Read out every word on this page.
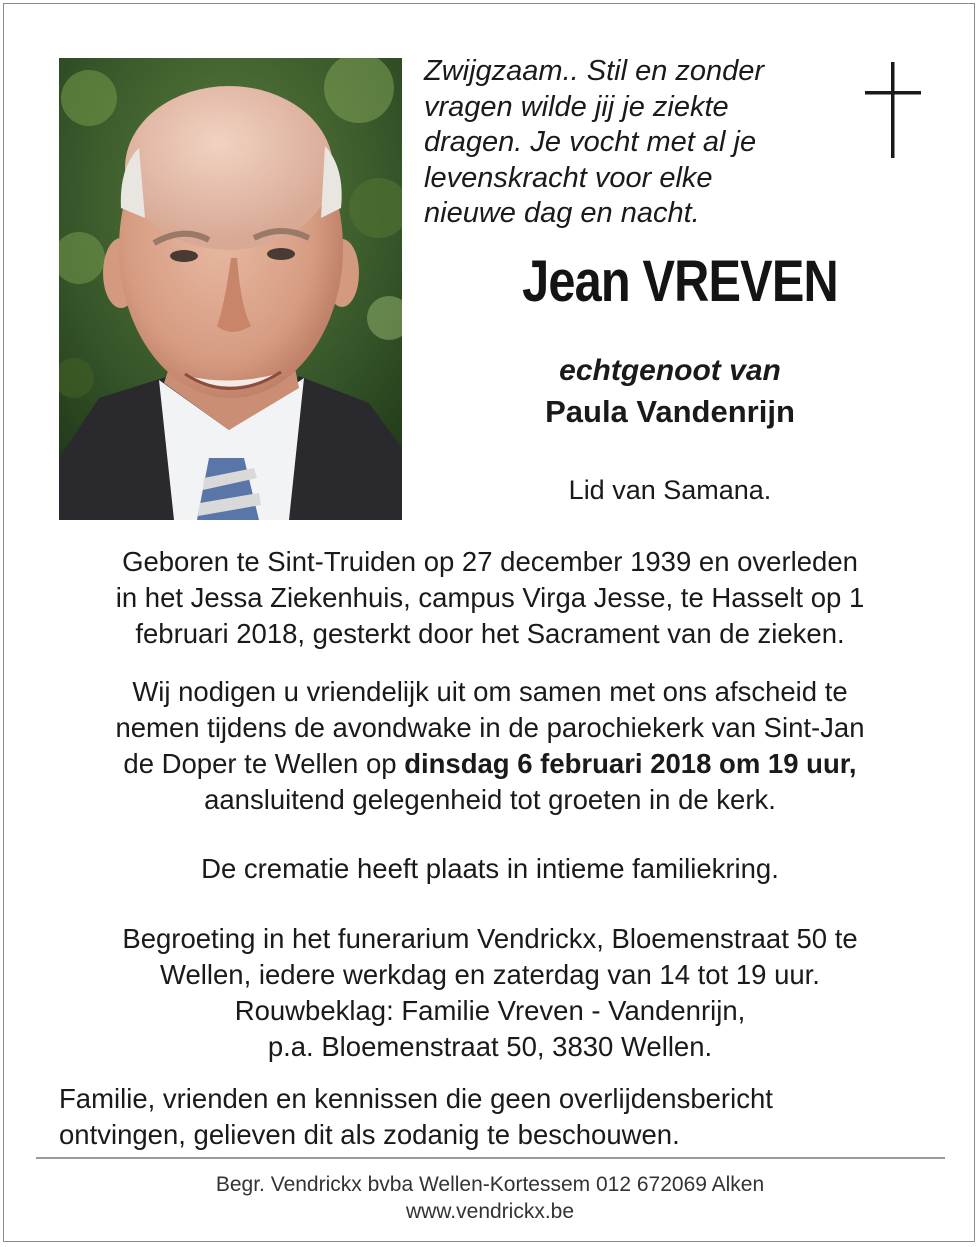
Zwijgzaam.. Stil en zonder
vragen wilde jij je ziekte
dragen. Je vocht met al je
levenskracht voor elke
nieuwe dag en nacht.

Jean VREVEN

echtgenoot van

Paula Vandenrijn

Lid van Samana.

Geboren te Sint-Truiden op 27 december 1939 en overleden
in het Jessa Ziekenhuis, campus Virga Jesse, te Hasselt op 1
februari 2018, gesterkt door het Sacrament van de zieken.

Wij nodigen u vriendelijk uit om samen met ons afscheid te
nemen tijdens de avondwake in de parochiekerk van Sint-Jan
de Doper te Wellen op dinsdag 6 februari 2018 om 19 uur,
aansluitend gelegenheid tot groeten in de kerk.

De crematie heeft plaats in intieme familiekring.

Begroeting in het funerarium Vendrickx, Bloemenstraat 50 te
Wellen, iedere werkdag en zaterdag van 14 tot 19 uur.
Rouwbeklag: Familie Vreven - Vandenrijn,
p.a. Bloemenstraat 50, 3830 Wellen.

Familie, vrienden en kennissen die geen overlijdensbericht
ontvingen, gelieven dit als zodanig te beschouwen.

Begr. Vendrickx bvba Wellen-Kortessem 012 672069 Alken
www.vendrickx.be
